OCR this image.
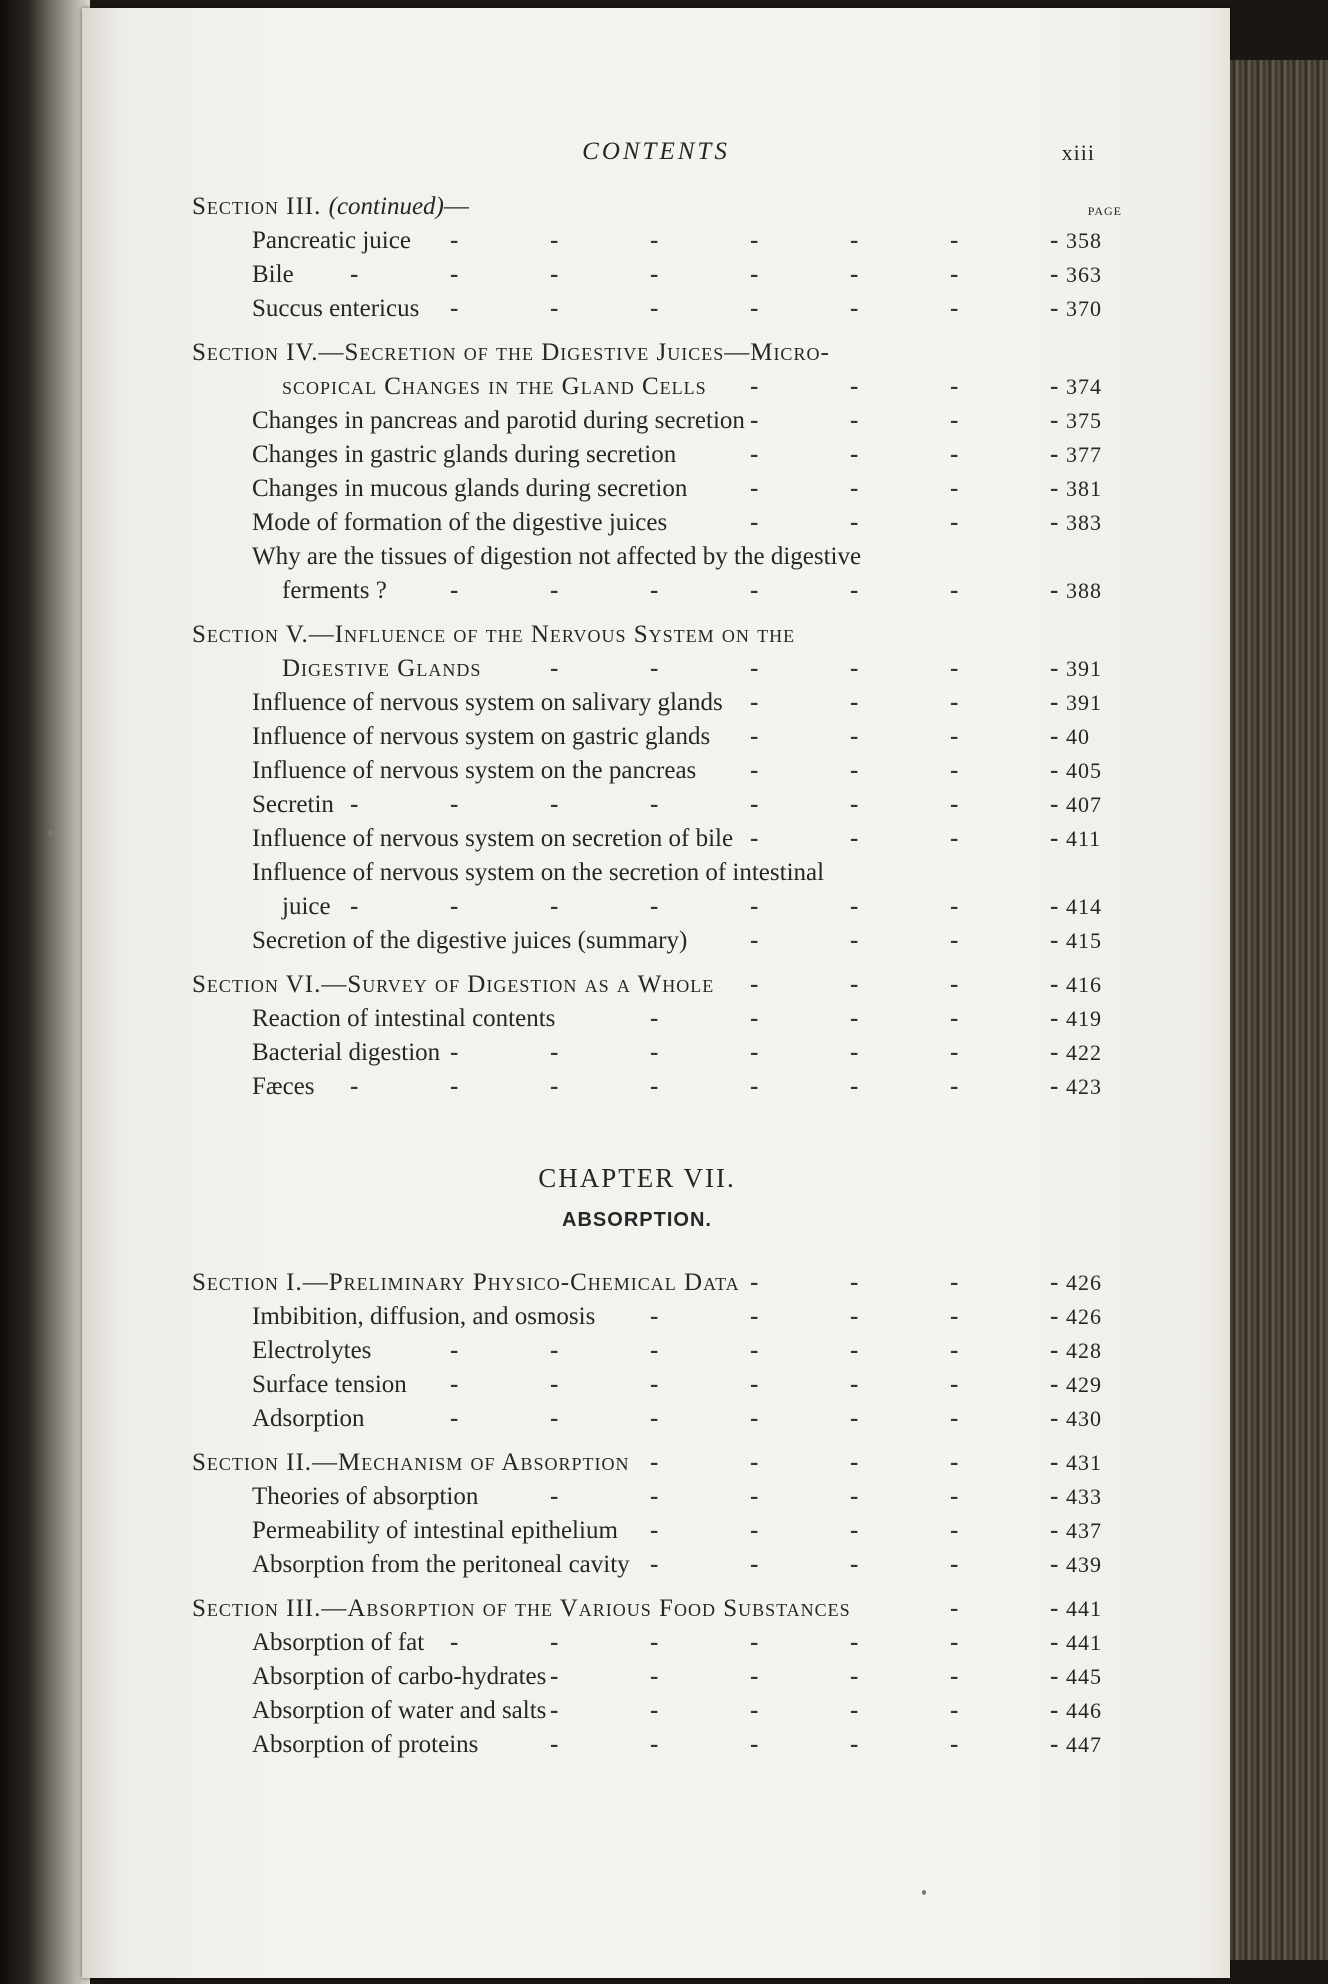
CONTENTS	xiii
Section III. (continued)—	PAGE
Pancreatic juice -	-	-	-	-	-	- 358
Bile -	-	-	-	-	-	-	- 363
Succus entericus -	-	-	-	-	-	- 370
Section IV.—Secretion of the Digestive Juices—Micro-
scopical Changes in the Gland Cells -	-	-	- 374
Changes in pancreas and parotid during secretion -	-	-	- 375
Changes in gastric glands during secretion	-	-	-	- 377
Changes in mucous glands during secretion	-	-	-	- 381
Mode of formation of the digestive juices	-	-	-	- 383
Why are the tissues of digestion not affected by the digestive
ferments ?	-	-	-	-	-	-	- 388
Section V.—Influence of the Nervous System on the
Digestive Glands	-	-	-	-	-	- 391
Influence of nervous system on salivary glands -	-	-	- 391
Influence of nervous system on gastric glands -	-	-	- 40
Influence of nervous system on the pancreas -	-	-	- 405
Secretin -	-	-	-	-	-	-	- 407
Influence of nervous system on secretion of bile -	-	-	- 411
Influence of nervous system on the secretion of intestinal
juice -	-	-	-	-	-	-	- 414
Secretion of the digestive juices (summary)	-	-	-	- 415
Section VI.—Survey of Digestion as a Whole -	-	-	- 416
Reaction of intestinal contents	-	-	-	-	- 419
Bacterial digestion -	-	-	-	-	-	- 422
Fæces -	-	-	-	-	-	-	- 423
CHAPTER VII.
ABSORPTION.
Section I.—Preliminary Physico-Chemical Data -	-	-	- 426
Imbibition, diffusion, and osmosis -	-	-	-	- 426
Electrolytes	-	-	-	-	-	-	- 428
Surface tension -	-	-	-	-	-	- 429
Adsorption	-	-	-	-	-	-	- 430
Section II.—Mechanism of Absorption -	-	-	-	- 431
Theories of absorption	-	-	-	-	-	- 433
Permeability of intestinal epithelium -	-	-	-	- 437
Absorption from the peritoneal cavity -	-	-	-	- 439
Section III.—Absorption of the Various Food Substances	-	- 441
Absorption of fat -	-	-	-	-	-	- 441
Absorption of carbo-hydrates -	-	-	-	-	- 445
Absorption of water and salts -	-	-	-	-	- 446
Absorption of proteins	-	-	-	-	-	- 447
